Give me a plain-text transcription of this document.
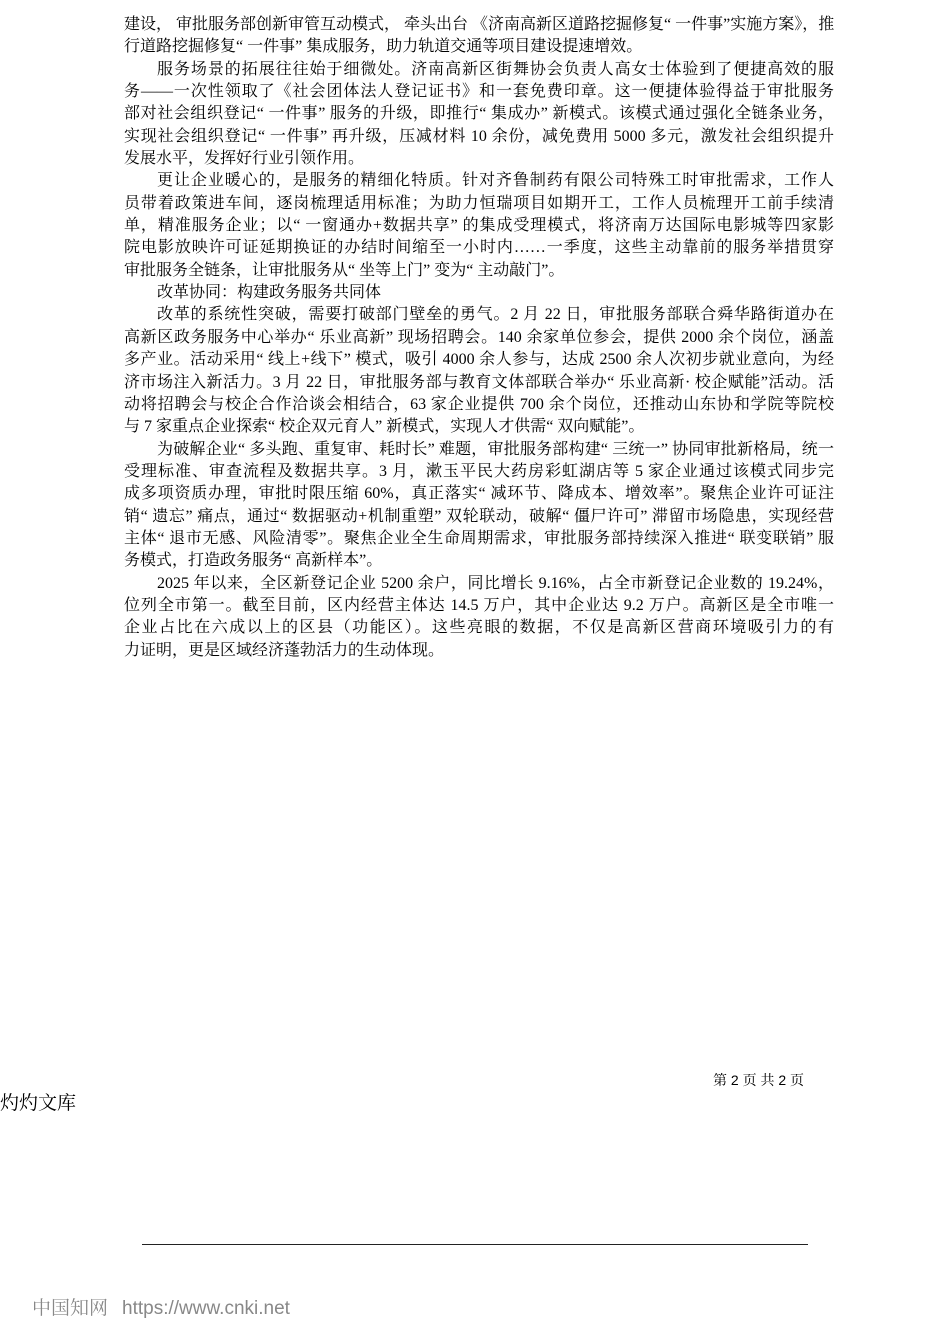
建设， 审批服务部创新审管互动模式， 牵头出台 《济南高新区道路挖掘修复“ 一件事”实施方案》，推
行道路挖掘修复“ 一件事” 集成服务，助力轨道交通等项目建设提速增效。
服务场景的拓展往往始于细微处。济南高新区街舞协会负责人高女士体验到了便捷高效的服
务——一次性领取了《社会团体法人登记证书》和一套免费印章。这一便捷体验得益于审批服务
部对社会组织登记“ 一件事” 服务的升级，即推行“ 集成办” 新模式。该模式通过强化全链条业务，
实现社会组织登记“ 一件事” 再升级，压减材料 10 余份，减免费用 5000 多元，激发社会组织提升
发展水平，发挥好行业引领作用。
更让企业暖心的，是服务的精细化特质。针对齐鲁制药有限公司特殊工时审批需求，工作人
员带着政策进车间，逐岗梳理适用标准；为助力恒瑞项目如期开工，工作人员梳理开工前手续清
单，精准服务企业；以“ 一窗通办+数据共享” 的集成受理模式，将济南万达国际电影城等四家影
院电影放映许可证延期换证的办结时间缩至一小时内……一季度，这些主动靠前的服务举措贯穿
审批服务全链条，让审批服务从“ 坐等上门” 变为“ 主动敲门”。
改革协同：构建政务服务共同体
改革的系统性突破，需要打破部门壁垒的勇气。2 月 22 日，审批服务部联合舜华路街道办在
高新区政务服务中心举办“ 乐业高新” 现场招聘会。140 余家单位参会，提供 2000 余个岗位，涵盖
多产业。活动采用“ 线上+线下” 模式，吸引 4000 余人参与，达成 2500 余人次初步就业意向，为经
济市场注入新活力。3 月 22 日，审批服务部与教育文体部联合举办“ 乐业高新· 校企赋能”活动。活
动将招聘会与校企合作洽谈会相结合，63 家企业提供 700 余个岗位，还推动山东协和学院等院校
与 7 家重点企业探索“ 校企双元育人” 新模式，实现人才供需“ 双向赋能”。
为破解企业“ 多头跑、重复审、耗时长” 难题，审批服务部构建“ 三统一” 协同审批新格局，统一
受理标准、审查流程及数据共享。3 月，漱玉平民大药房彩虹湖店等 5 家企业通过该模式同步完
成多项资质办理，审批时限压缩 60%，真正落实“ 减环节、降成本、增效率”。聚焦企业许可证注
销“ 遗忘” 痛点，通过“ 数据驱动+机制重塑” 双轮联动，破解“ 僵尸许可” 滞留市场隐患，实现经营
主体“ 退市无感、风险清零”。聚焦企业全生命周期需求，审批服务部持续深入推进“ 联变联销” 服
务模式，打造政务服务“ 高新样本”。
2025 年以来，全区新登记企业 5200 余户，同比增长 9.16%，占全市新登记企业数的 19.24%，
位列全市第一。截至目前，区内经营主体达 14.5 万户，其中企业达 9.2 万户。高新区是全市唯一
企业占比在六成以上的区县（功能区）。这些亮眼的数据，不仅是高新区营商环境吸引力的有
力证明，更是区域经济蓬勃活力的生动体现。
第 2 页 共 2 页
灼灼文库
中国知网 https://www.cnki.net
